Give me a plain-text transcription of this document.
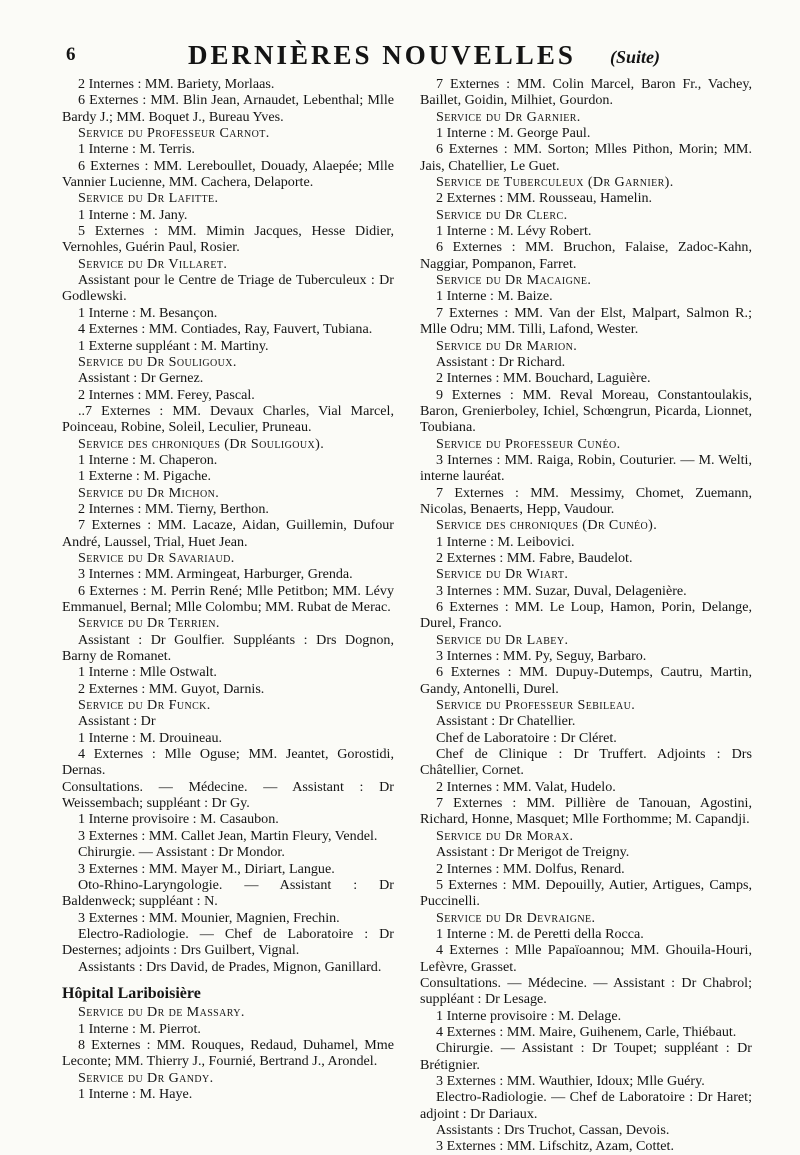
6	DERNIÈRES NOUVELLES (Suite)

2 Internes : MM. Bariety, Morlaas.

6 Externes : MM. Blin Jean, Arnaudet, Lebenthal; Mlle Bardy J.; MM. Boquet J., Bureau Yves.

Service du Professeur Carnot.

1 Interne : M. Terris.

6 Externes : MM. Lereboullet, Douady, Alaepée; Mlle Vannier Lucienne, MM. Cachera, Delaporte.

Service du Dr Lafitte.

1 Interne : M. Jany.

5 Externes : MM. Mimin Jacques, Hesse Didier, Vernohles, Guérin Paul, Rosier.

Service du Dr Villaret.

Assistant pour le Centre de Triage de Tuberculeux : Dr Godlewski.

1 Interne : M. Besançon.

4 Externes : MM. Contiades, Ray, Fauvert, Tubiana.

1 Externe suppléant : M. Martiny.

Service du Dr Souligoux.

Assistant : Dr Gernez.

2 Internes : MM. Ferey, Pascal.

..7 Externes : MM. Devaux Charles, Vial Marcel, Poinceau, Robine, Soleil, Leculier, Pruneau.

Service des chroniques (Dr Souligoux).

1 Interne : M. Chaperon.

1 Externe : M. Pigache.

Service du Dr Michon.

2 Internes : MM. Tierny, Berthon.

7 Externes : MM. Lacaze, Aidan, Guillemin, Dufour André, Laussel, Trial, Huet Jean.

Service du Dr Savariaud.

3 Internes : MM. Armingeat, Harburger, Grenda.

6 Externes : M. Perrin René; Mlle Petitbon; MM. Lévy Emmanuel, Bernal; Mlle Colombu; MM. Rubat de Merac.

Service du Dr Terrien.

Assistant : Dr Goulfier. Suppléants : Drs Dognon, Barny de Romanet.

1 Interne : Mlle Ostwalt.

2 Externes : MM. Guyot, Darnis.

Service du Dr Funck.

Assistant : Dr

1 Interne : M. Drouineau.

4 Externes : Mlle Oguse; MM. Jeantet, Gorostidi, Dernas.

Consultations. — Médecine. — Assistant : Dr Weissembach; suppléant : Dr Gy.

1 Interne provisoire : M. Casaubon.

3 Externes : MM. Callet Jean, Martin Fleury, Vendel.

Chirurgie. — Assistant : Dr Mondor.

3 Externes : MM. Mayer M., Diriart, Langue.

Oto-Rhino-Laryngologie. — Assistant : Dr Baldenweck; suppléant : N.

3 Externes : MM. Mounier, Magnien, Frechin.

Electro-Radiologie. — Chef de Laboratoire : Dr Desternes; adjoints : Drs Guilbert, Vignal.

Assistants : Drs David, de Prades, Mignon, Ganillard.

Hôpital Lariboisière

Service du Dr de Massary.

1 Interne : M. Pierrot.

8 Externes : MM. Rouques, Redaud, Duhamel, Mme Leconte; MM. Thierry J., Fournié, Bertrand J., Arondel.

Service du Dr Gandy.

1 Interne : M. Haye.

7 Externes : MM. Colin Marcel, Baron Fr., Vachey, Baillet, Goidin, Milhiet, Gourdon.

Service du Dr Garnier.

1 Interne : M. George Paul.

6 Externes : MM. Sorton; Mlles Pithon, Morin; MM. Jais, Chatellier, Le Guet.

Service de Tuberculeux (Dr Garnier).

2 Externes : MM. Rousseau, Hamelin.

Service du Dr Clerc.

1 Interne : M. Lévy Robert.

6 Externes : MM. Bruchon, Falaise, Zadoc-Kahn, Naggiar, Pompanon, Farret.

Service du Dr Macaigne.

1 Interne : M. Baize.

7 Externes : MM. Van der Elst, Malpart, Salmon R.; Mlle Odru; MM. Tilli, Lafond, Wester.

Service du Dr Marion.

Assistant : Dr Richard.

2 Internes : MM. Bouchard, Laguière.

9 Externes : MM. Reval Moreau, Constantoulakis, Baron, Grenierboley, Ichiel, Schœngrun, Picarda, Lionnet, Toubiana.

Service du Professeur Cunéo.

3 Internes : MM. Raiga, Robin, Couturier. — M. Welti, interne lauréat.

7 Externes : MM. Messimy, Chomet, Zuemann, Nicolas, Benaerts, Hepp, Vaudour.

Service des chroniques (Dr Cunéo).

1 Interne : M. Leibovici.

2 Externes : MM. Fabre, Baudelot.

Service du Dr Wiart.

3 Internes : MM. Suzar, Duval, Delagenière.

6 Externes : MM. Le Loup, Hamon, Porin, Delange, Durel, Franco.

Service du Dr Labey.

3 Internes : MM. Py, Seguy, Barbaro.

6 Externes : MM. Dupuy-Dutemps, Cautru, Martin, Gandy, Antonelli, Durel.

Service du Professeur Sebileau.

Assistant : Dr Chatellier.

Chef de Laboratoire : Dr Cléret.

Chef de Clinique : Dr Truffert. Adjoints : Drs Châtellier, Cornet.

2 Internes : MM. Valat, Hudelo.

7 Externes : MM. Pillière de Tanouan, Agostini, Richard, Honne, Masquet; Mlle Forthomme; M. Capandji.

Service du Dr Morax.

Assistant : Dr Merigot de Treigny.

2 Internes : MM. Dolfus, Renard.

5 Externes : MM. Depouilly, Autier, Artigues, Camps, Puccinelli.

Service du Dr Devraigne.

1 Interne : M. de Peretti della Rocca.

4 Externes : Mlle Papaïoannou; MM. Ghouila-Houri, Lefèvre, Grasset.

Consultations. — Médecine. — Assistant : Dr Chabrol; suppléant : Dr Lesage.

1 Interne provisoire : M. Delage.

4 Externes : MM. Maire, Guihenem, Carle, Thiébaut.

Chirurgie. — Assistant : Dr Toupet; suppléant : Dr Brétignier.

3 Externes : MM. Wauthier, Idoux; Mlle Guéry.

Electro-Radiologie. — Chef de Laboratoire : Dr Haret; adjoint : Dr Dariaux.

Assistants : Drs Truchot, Cassan, Devois.

3 Externes : MM. Lifschitz, Azam, Cottet.
